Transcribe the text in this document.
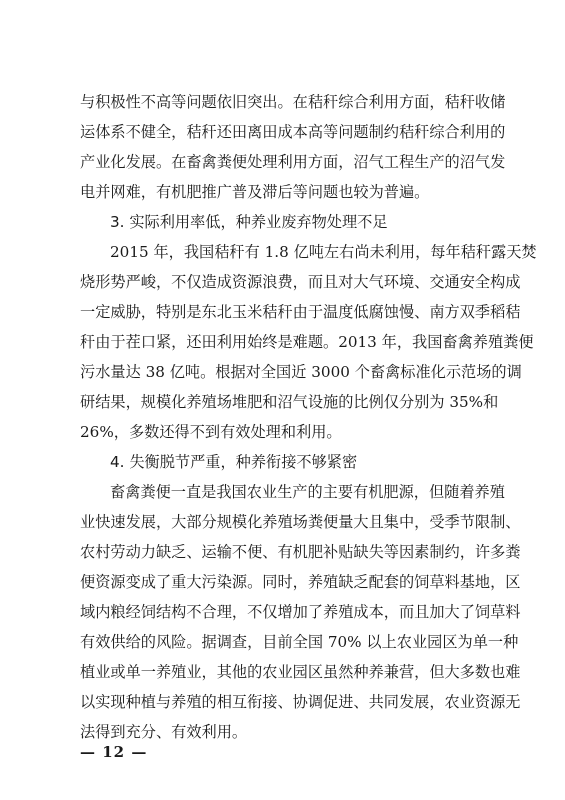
与积极性不高等问题依旧突出。在秸秆综合利用方面，秸秆收储
运体系不健全，秸秆还田离田成本高等问题制约秸秆综合利用的
产业化发展。在畜禽粪便处理利用方面，沼气工程生产的沼气发
电并网难，有机肥推广普及滞后等问题也较为普遍。
3. 实际利用率低，种养业废弃物处理不足
2015 年，我国秸秆有 1.8 亿吨左右尚未利用，每年秸秆露天焚
烧形势严峻，不仅造成资源浪费，而且对大气环境、交通安全构成
一定威胁，特别是东北玉米秸秆由于温度低腐蚀慢、南方双季稻秸
秆由于茬口紧，还田利用始终是难题。2013 年，我国畜禽养殖粪便
污水量达 38 亿吨。根据对全国近 3000 个畜禽标准化示范场的调
研结果，规模化养殖场堆肥和沼气设施的比例仅分别为 35%和
26%，多数还得不到有效处理和利用。
4. 失衡脱节严重，种养衔接不够紧密
畜禽粪便一直是我国农业生产的主要有机肥源，但随着养殖
业快速发展，大部分规模化养殖场粪便量大且集中，受季节限制、
农村劳动力缺乏、运输不便、有机肥补贴缺失等因素制约，许多粪
便资源变成了重大污染源。同时，养殖缺乏配套的饲草料基地，区
域内粮经饲结构不合理，不仅增加了养殖成本，而且加大了饲草料
有效供给的风险。据调查，目前全国 70% 以上农业园区为单一种
植业或单一养殖业，其他的农业园区虽然种养兼营，但大多数也难
以实现种植与养殖的相互衔接、协调促进、共同发展，农业资源无
法得到充分、有效利用。
— 12 —
